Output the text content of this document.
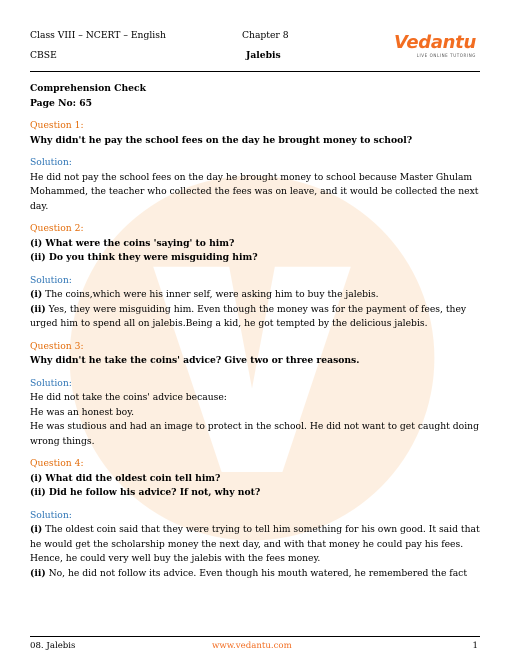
Class VIII – NCERT – English
CBSE
Chapter 8
Jalebis
Vedantu
LIVE ONLINE TUTORING

Comprehension Check

Page No: 65

Question 1:

Why didn't he pay the school fees on the day he brought money to school?

Solution:

He did not pay the school fees on the day he brought money to school because Master Ghulam Mohammed, the teacher who collected the fees was on leave, and it would be collected the next day.

Question 2:

(i) What were the coins 'saying' to him?

(ii) Do you think they were misguiding him?

Solution:

(i) The coins,which were his inner self, were asking him to buy the jalebis.

(ii) Yes, they were misguiding him. Even though the money was for the payment of fees, they urged him to spend all on jalebis.Being a kid, he got tempted by the delicious jalebis.

Question 3:

Why didn't he take the coins' advice? Give two or three reasons.

Solution:

He did not take the coins' advice because:

He was an honest boy.

He was studious and had an image to protect in the school. He did not want to get caught doing wrong things.

Question 4:

(i) What did the oldest coin tell him?

(ii) Did he follow his advice? If not, why not?

Solution:

(i) The oldest coin said that they were trying to tell him something for his own good. It said that he would get the scholarship money the next day, and with that money he could pay his fees. Hence, he could very well buy the jalebis with the fees money.

(ii) No, he did not follow its advice. Even though his mouth watered, he remembered the fact

08. Jalebis	www.vedantu.com	1
